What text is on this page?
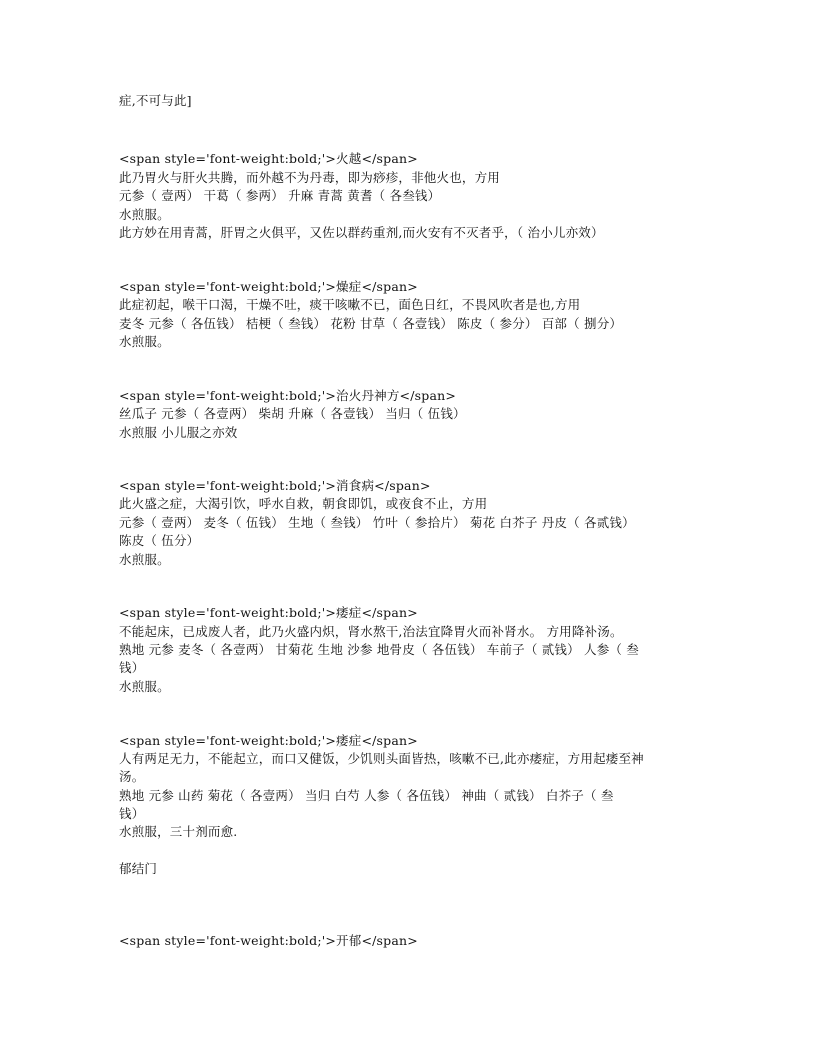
症,不可与此]
<span style='font-weight:bold;'>火越</span>
此乃胃火与肝火共腾，而外越不为丹毒，即为痧疹，非他火也，方用
元参（ 壹两） 干葛（ 参两） 升麻 青蒿 黄耆（ 各叁钱）
水煎服。
此方妙在用青蒿，肝胃之火俱平，又佐以群药重剂,而火安有不灭者乎，（ 治小儿亦效）
<span style='font-weight:bold;'>燥症</span>
此症初起，喉干口渴，干燥不吐，痰干咳嗽不已，面色日红，不畏风吹者是也,方用
麦冬 元参（ 各伍钱） 桔梗（ 叁钱） 花粉 甘草（ 各壹钱） 陈皮（ 参分） 百部（ 捌分）
水煎服。
<span style='font-weight:bold;'>治火丹神方</span>
丝瓜子 元参（ 各壹两） 柴胡 升麻（ 各壹钱） 当归（ 伍钱）
水煎服 小儿服之亦效
<span style='font-weight:bold;'>消食病</span>
此火盛之症，大渴引饮，呼水自救，朝食即饥，或夜食不止，方用
元参（ 壹两） 麦冬（ 伍钱） 生地（ 叁钱） 竹叶（ 参拾片） 菊花 白芥子 丹皮（ 各贰钱）
陈皮（ 伍分）
水煎服。
<span style='font-weight:bold;'>痿症</span>
不能起床，已成废人者，此乃火盛内炽，肾水熬干,治法宜降胃火而补肾水。 方用降补汤。
熟地 元参 麦冬（ 各壹两） 甘菊花 生地 沙参 地骨皮（ 各伍钱） 车前子（ 贰钱） 人参（ 叁
钱）
水煎服。
<span style='font-weight:bold;'>痿症</span>
人有两足无力，不能起立，而口又健饭，少饥则头面皆热，咳嗽不已,此亦痿症，方用起痿至神
汤。
熟地 元参 山药 菊花（ 各壹两） 当归 白芍 人参（ 各伍钱） 神曲（ 贰钱） 白芥子（ 叁
钱）
水煎服，三十剂而愈.
郁结门
<span style='font-weight:bold;'>开郁</span>
